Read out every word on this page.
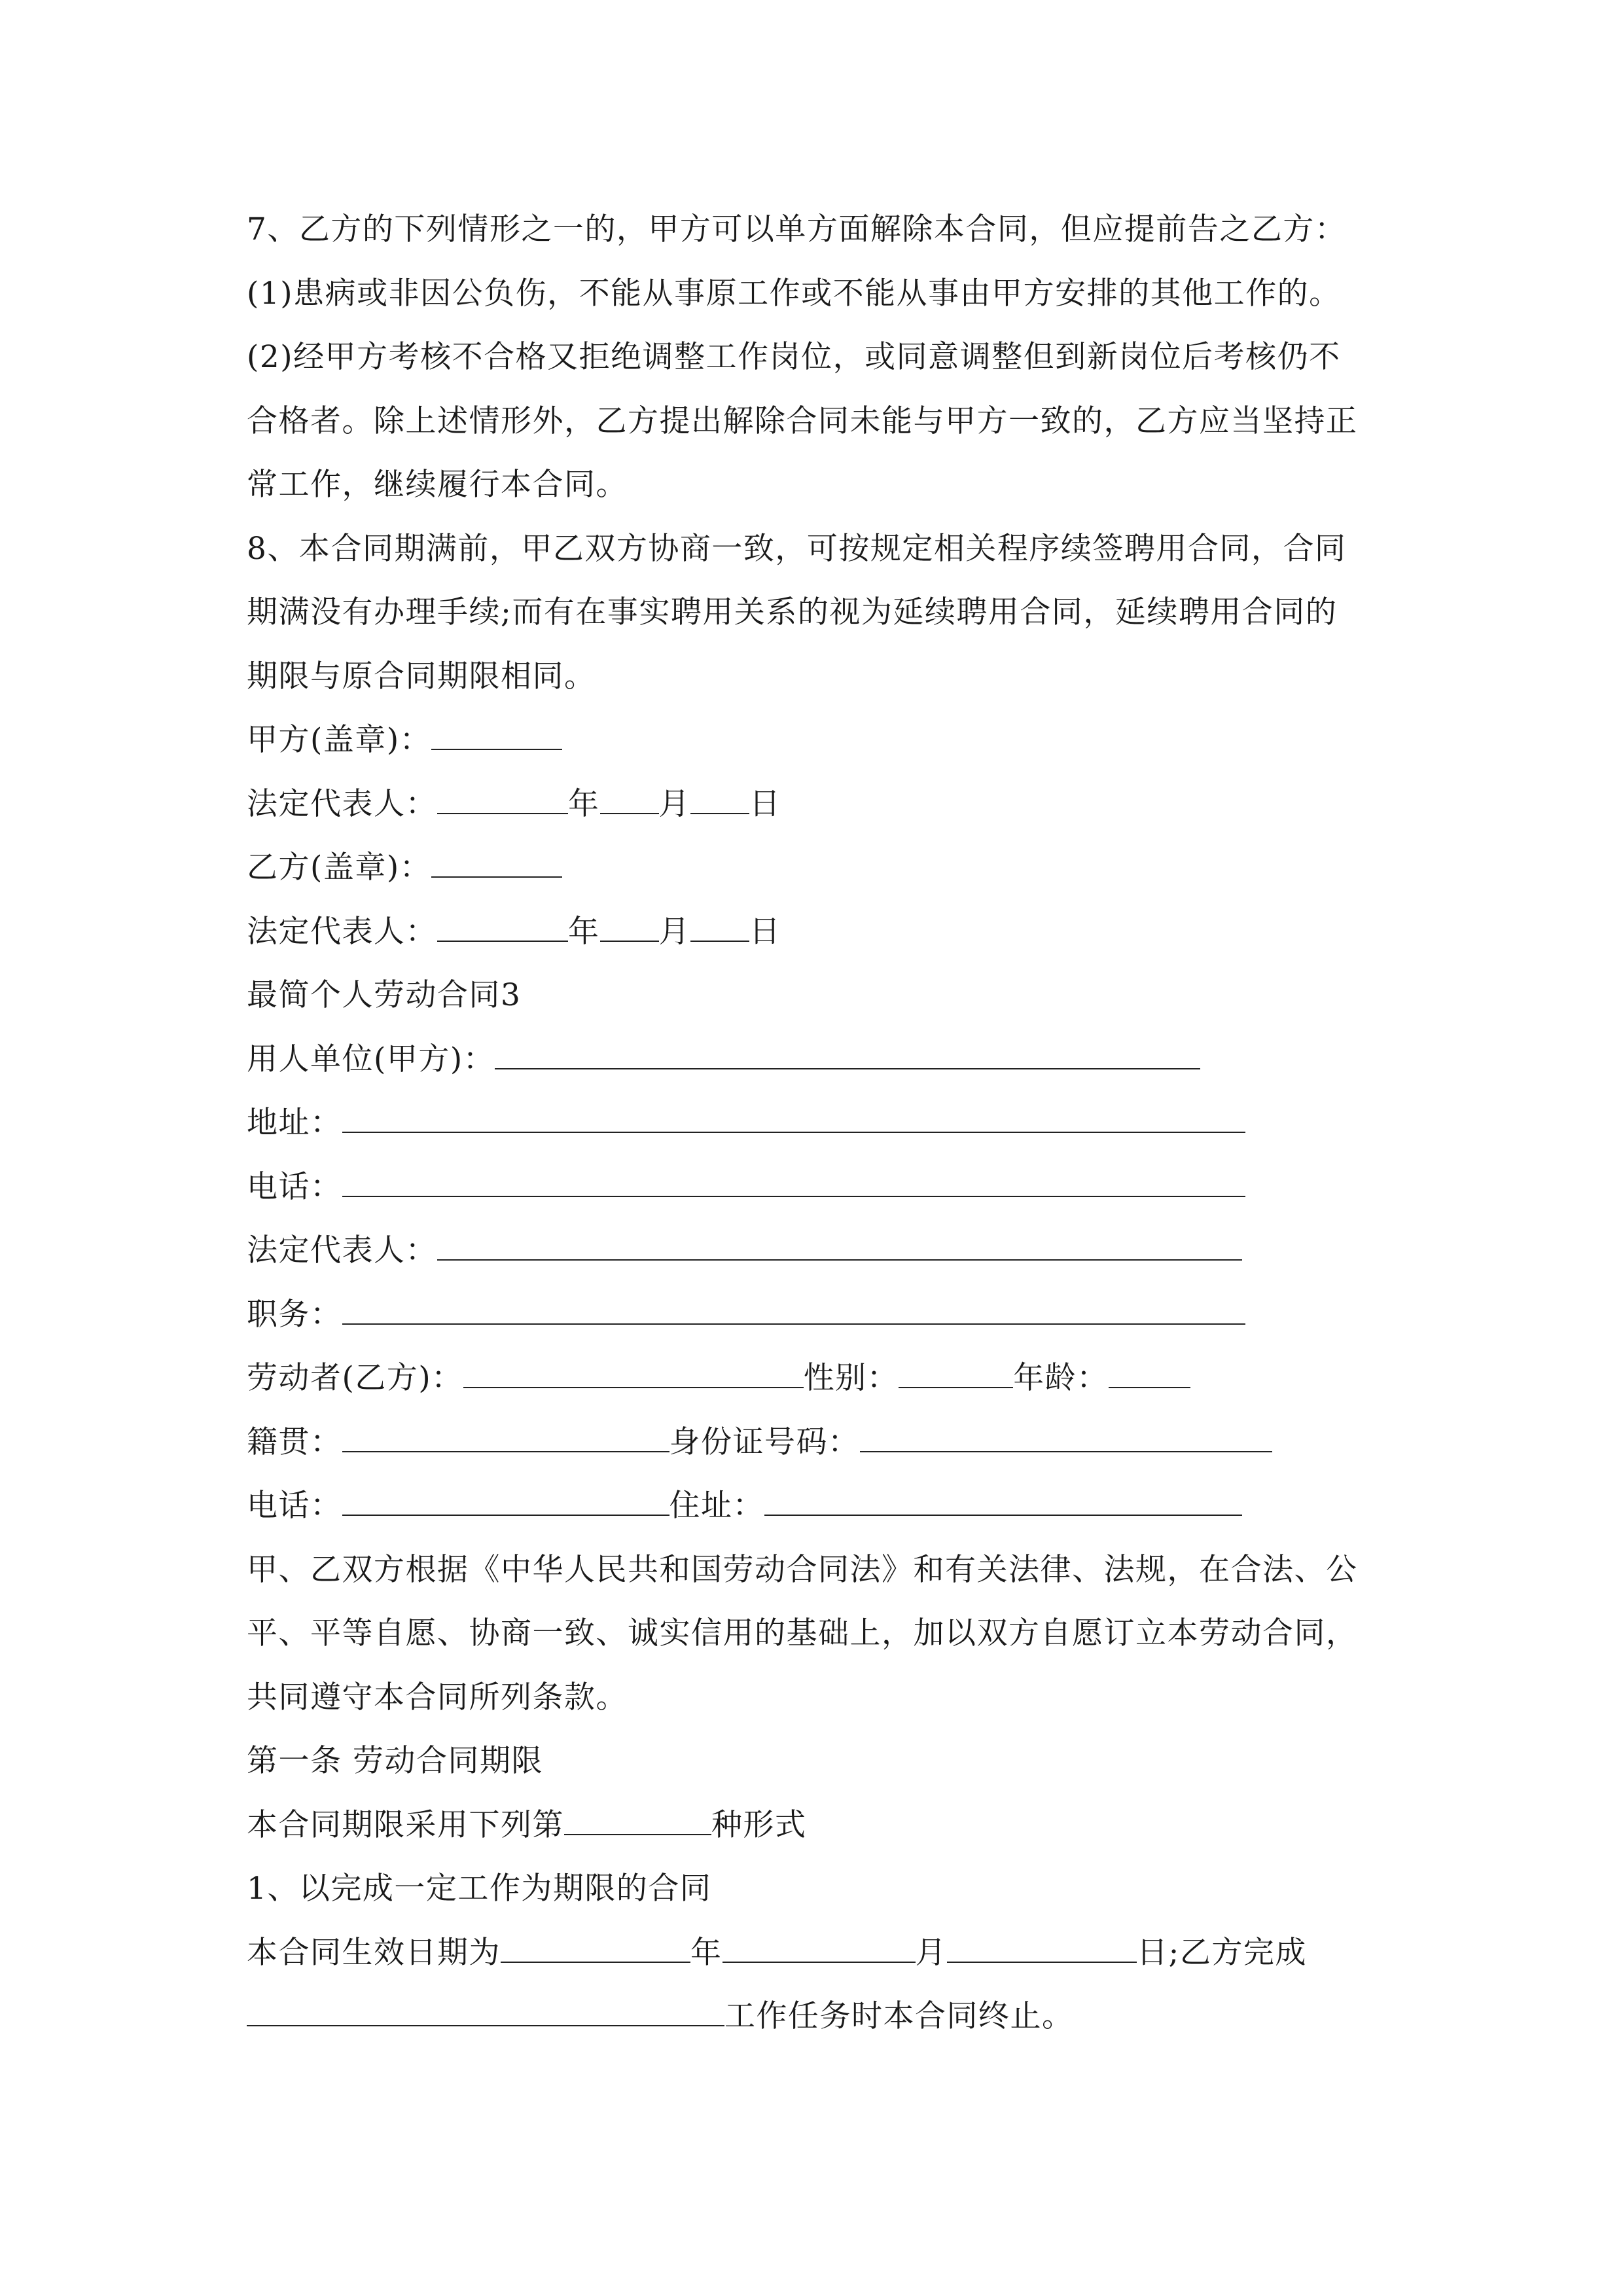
7、乙方的下列情形之一的，甲方可以单方面解除本合同，但应提前告之乙方：
(1)患病或非因公负伤，不能从事原工作或不能从事由甲方安排的其他工作的。
(2)经甲方考核不合格又拒绝调整工作岗位，或同意调整但到新岗位后考核仍不
合格者。除上述情形外，乙方提出解除合同未能与甲方一致的，乙方应当坚持正
常工作，继续履行本合同。
8、本合同期满前，甲乙双方协商一致，可按规定相关程序续签聘用合同，合同
期满没有办理手续;而有在事实聘用关系的视为延续聘用合同，延续聘用合同的
期限与原合同期限相同。
甲方(盖章)：
法定代表人：	年 月 日
乙方(盖章)：
法定代表人：	年 月 日
最简个人劳动合同3
用人单位(甲方)：
地址：
电话：
法定代表人：
职务：
劳动者(乙方)：	性别：	年龄：
籍贯：	身份证号码：
电话：	住址：
甲、乙双方根据《中华人民共和国劳动合同法》和有关法律、法规，在合法、公
平、平等自愿、协商一致、诚实信用的基础上，加以双方自愿订立本劳动合同，
共同遵守本合同所列条款。
第一条 劳动合同期限
本合同期限采用下列第	种形式
1、以完成一定工作为期限的合同
本合同生效日期为	年	月	日;乙方完成
工作任务时本合同终止。
